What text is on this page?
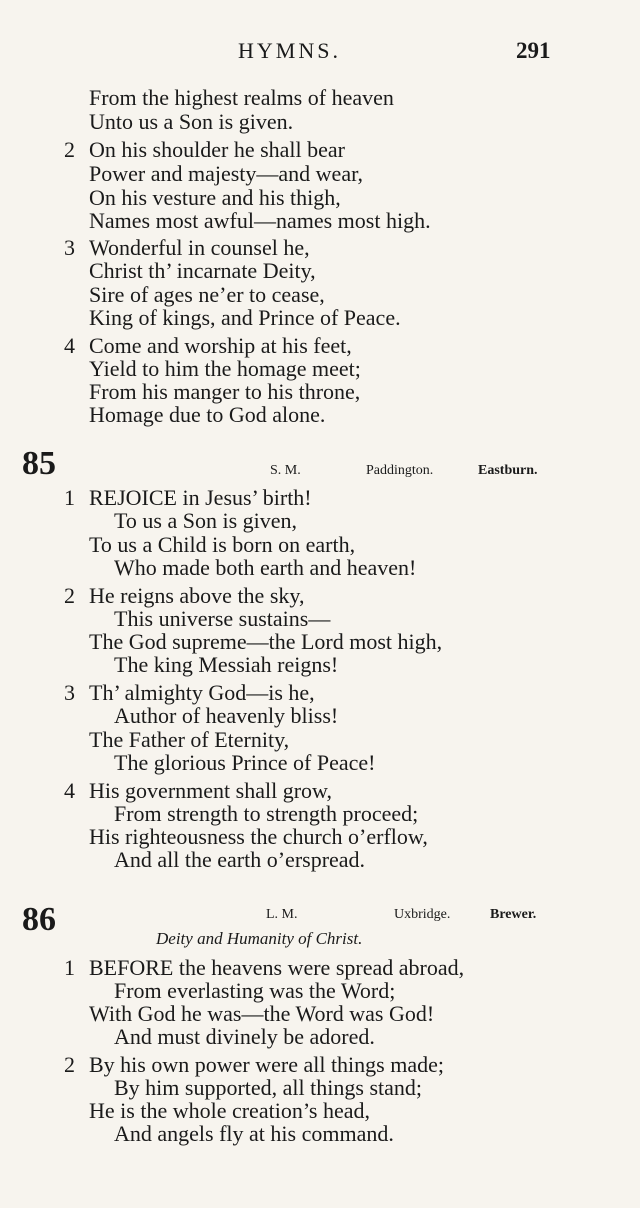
HYMNS.	291
From the highest realms of heaven
Unto us a Son is given.
2 On his shoulder he shall bear
Power and majesty—and wear,
On his vesture and his thigh,
Names most awful—names most high.
3 Wonderful in counsel he,
Christ th’ incarnate Deity,
Sire of ages ne’er to cease,
King of kings, and Prince of Peace.
4 Come and worship at his feet,
Yield to him the homage meet;
From his manger to his throne,
Homage due to God alone.
85	S. M.	Paddington.	Eastburn.
1 REJOICE in Jesus’ birth!
To us a Son is given,
To us a Child is born on earth,
Who made both earth and heaven!
2 He reigns above the sky,
This universe sustains—
The God supreme—the Lord most high,
The king Messiah reigns!
3 Th’ almighty God—is he,
Author of heavenly bliss!
The Father of Eternity,
The glorious Prince of Peace!
4 His government shall grow,
From strength to strength proceed;
His righteousness the church o’erflow,
And all the earth o’erspread.
86	L. M.	Uxbridge.	Brewer.
Deity and Humanity of Christ.
1 BEFORE the heavens were spread abroad,
From everlasting was the Word;
With God he was—the Word was God!
And must divinely be adored.
2 By his own power were all things made;
By him supported, all things stand;
He is the whole creation’s head,
And angels fly at his command.
